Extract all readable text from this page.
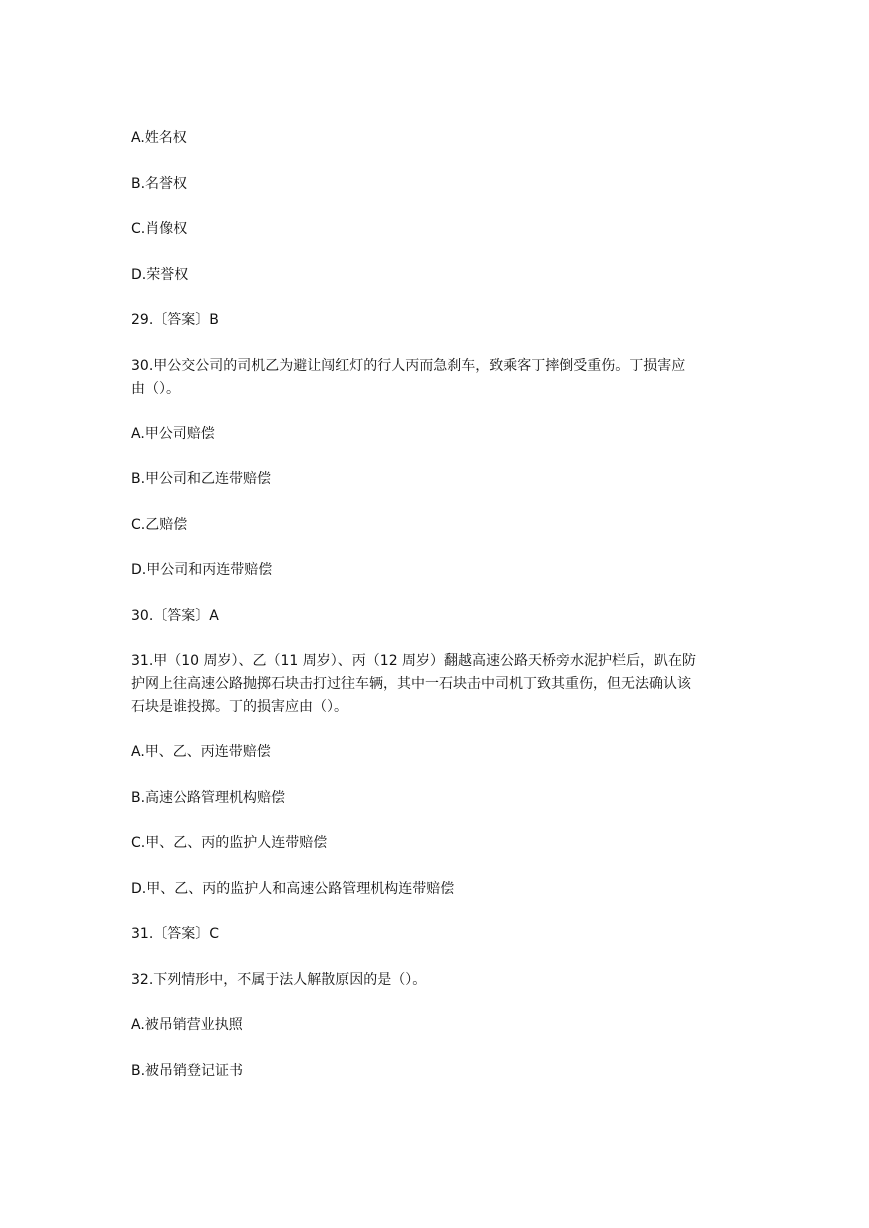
A.姓名权
B.名誉权
C.肖像权
D.荣誉权
29.〔答案〕B
30.甲公交公司的司机乙为避让闯红灯的行人丙而急刹车，致乘客丁摔倒受重伤。丁损害应
由（）。
A.甲公司赔偿
B.甲公司和乙连带赔偿
C.乙赔偿
D.甲公司和丙连带赔偿
30.〔答案〕A
31.甲（10 周岁）、乙（11 周岁）、丙（12 周岁）翻越高速公路天桥旁水泥护栏后，趴在防
护网上往高速公路抛掷石块击打过往车辆，其中一石块击中司机丁致其重伤，但无法确认该
石块是谁投掷。丁的损害应由（）。
A.甲、乙、丙连带赔偿
B.高速公路管理机构赔偿
C.甲、乙、丙的监护人连带赔偿
D.甲、乙、丙的监护人和高速公路管理机构连带赔偿
31.〔答案〕C
32.下列情形中，不属于法人解散原因的是（）。
A.被吊销营业执照
B.被吊销登记证书
